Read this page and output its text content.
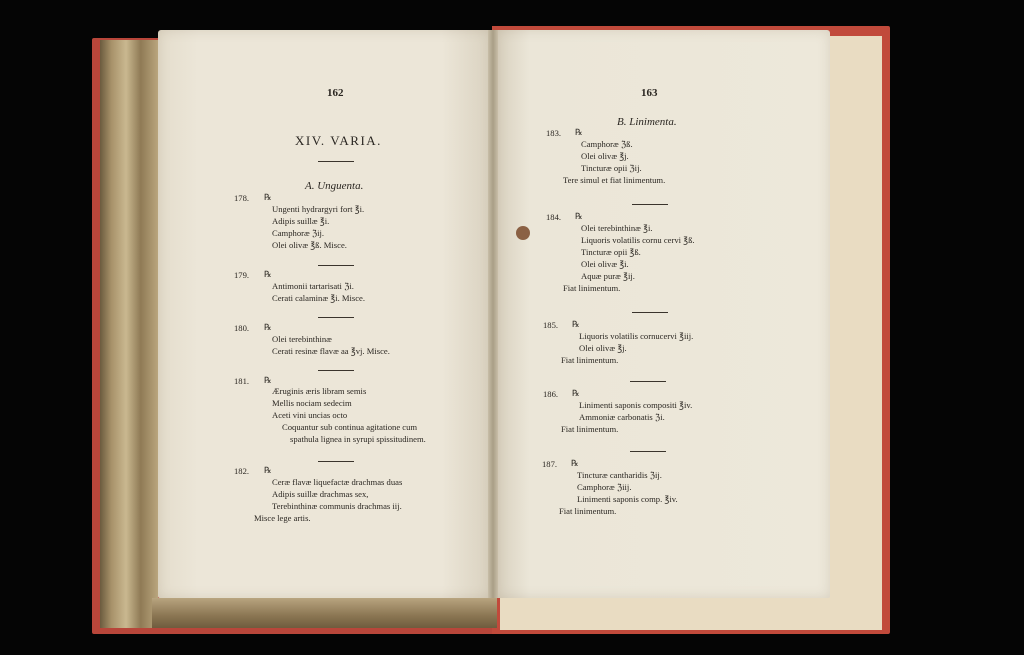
162
XIV. VARIA.
A. Unguenta.
178. ℞
Ungenti hydrargyri fort ℥i.
Adipis suillæ ℥i.
Camphoræ ℨij.
Olei olivæ ℥ß. Misce.
179. ℞
Antimonii tartarisati ℨi.
Cerati calaminæ ℥i. Misce.
180. ℞
Olei terebinthinæ
Cerati resinæ flavæ aa ℥vj. Misce.
181. ℞
Æruginis æris libram semis
Mellis nociam sedecim
Aceti vini uncias octo
Coquantur sub continua agitatione cum
spathula lignea in syrupi spissitudinem.
182. ℞
Ceræ flavæ liquefactæ drachmas duas
Adipis suillæ drachmas sex,
Terebinthinæ communis drachmas iij.
Misce lege artis.
163
B. Linimenta.
183. ℞
Camphoræ ℨß.
Olei olivæ ℥j.
Tincturæ opii ℨij.
Tere simul et fiat linimentum.
184. ℞
Olei terebinthinæ ℥i.
Liquoris volatilis cornu cervi ℥ß.
Tincturæ opii ℥ß.
Olei olivæ ℥i.
Aquæ puræ ℥ij.
Fiat linimentum.
185. ℞
Liquoris volatilis cornucervi ℥iij.
Olei olivæ ℥j.
Fiat linimentum.
186. ℞
Linimenti saponis compositi ℥iv.
Ammoniæ carbonatis ℨi.
Fiat linimentum.
187. ℞
Tincturæ cantharidis ℨij.
Camphoræ ℨiij.
Linimenti saponis comp. ℥iv.
Fiat linimentum.
